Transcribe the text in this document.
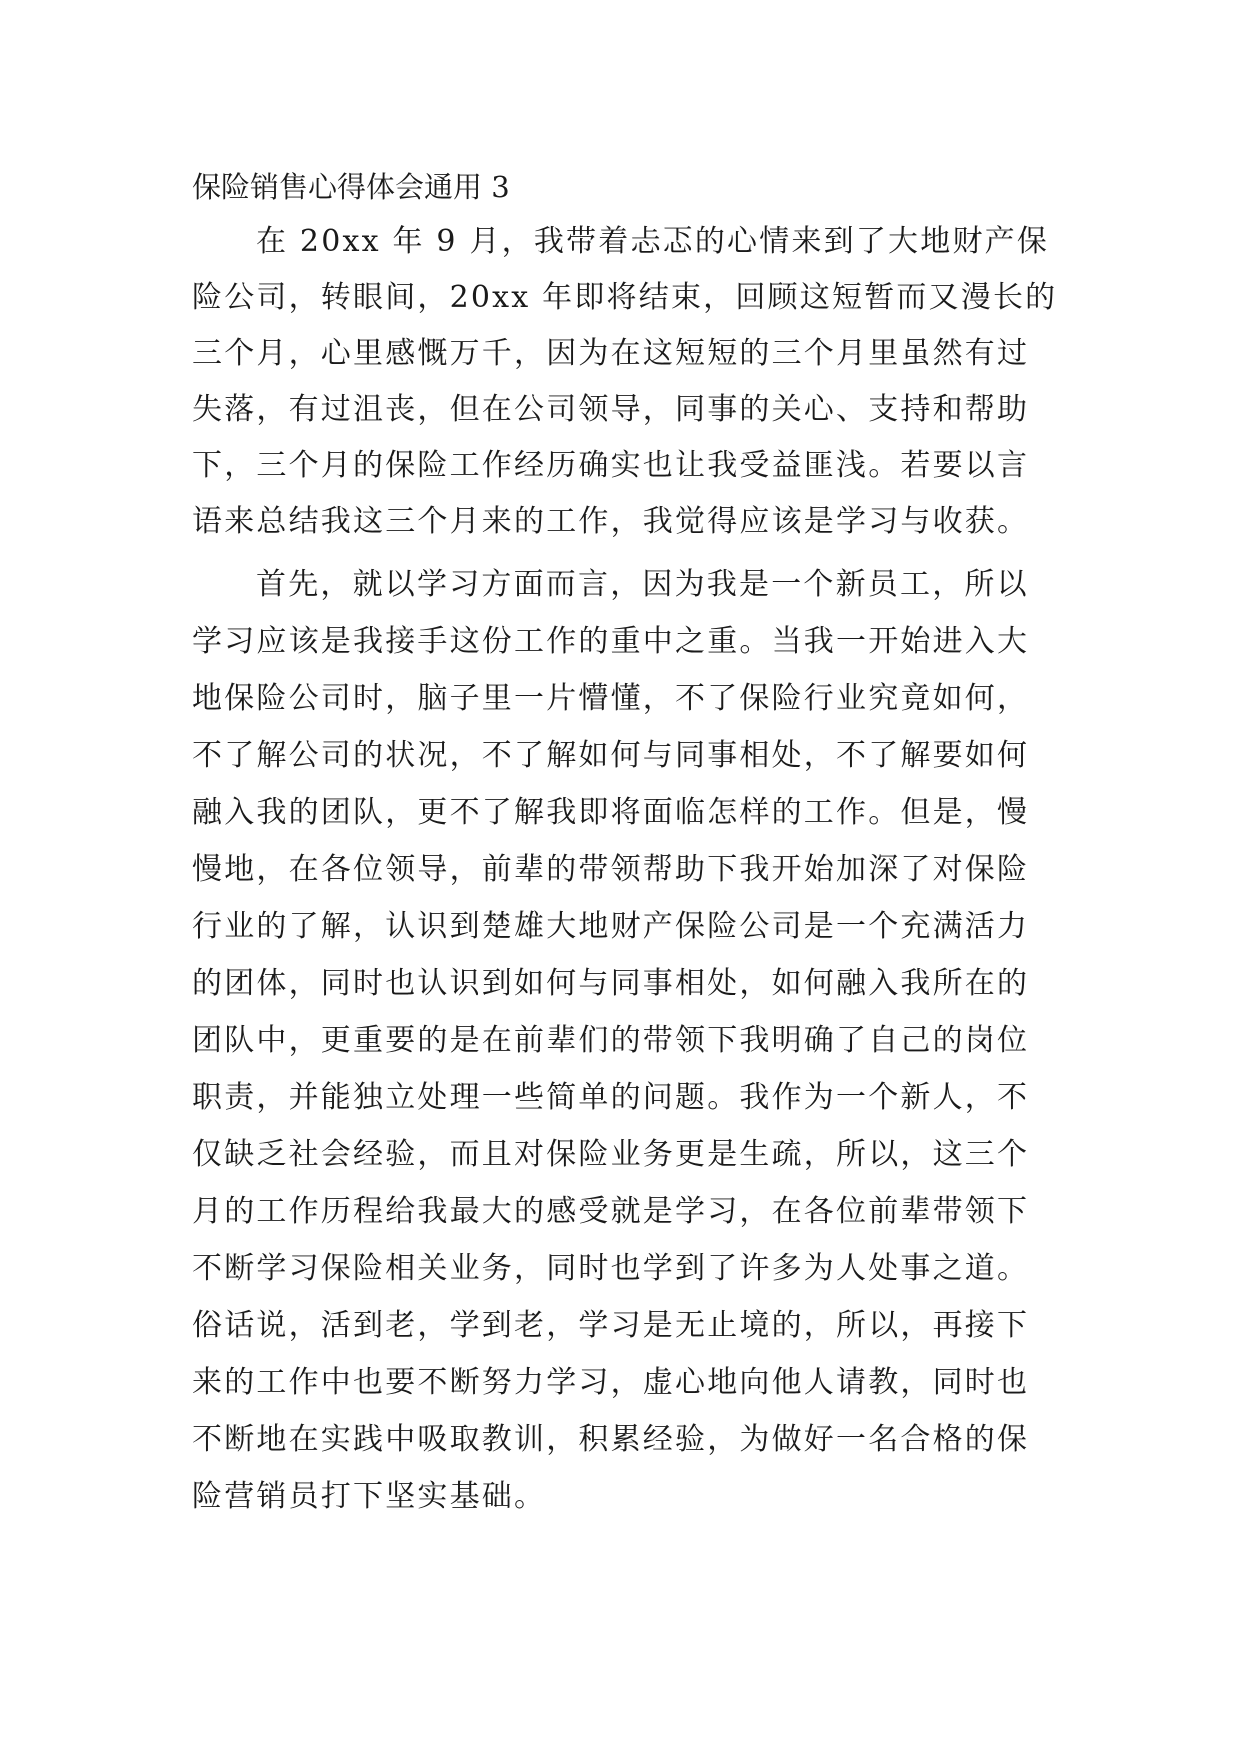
保险销售心得体会通用 3

在 20xx 年 9 月，我带着忐忑的心情来到了大地财产保

险公司，转眼间，20xx 年即将结束，回顾这短暂而又漫长的

三个月，心里感慨万千，因为在这短短的三个月里虽然有过

失落，有过沮丧，但在公司领导，同事的关心、支持和帮助

下，三个月的保险工作经历确实也让我受益匪浅。若要以言

语来总结我这三个月来的工作，我觉得应该是学习与收获。

首先，就以学习方面而言，因为我是一个新员工，所以

学习应该是我接手这份工作的重中之重。当我一开始进入大

地保险公司时，脑子里一片懵懂，不了保险行业究竟如何，

不了解公司的状况，不了解如何与同事相处，不了解要如何

融入我的团队，更不了解我即将面临怎样的工作。但是，慢

慢地，在各位领导，前辈的带领帮助下我开始加深了对保险

行业的了解，认识到楚雄大地财产保险公司是一个充满活力

的团体，同时也认识到如何与同事相处，如何融入我所在的

团队中，更重要的是在前辈们的带领下我明确了自己的岗位

职责，并能独立处理一些简单的问题。我作为一个新人，不

仅缺乏社会经验，而且对保险业务更是生疏，所以，这三个

月的工作历程给我最大的感受就是学习，在各位前辈带领下

不断学习保险相关业务，同时也学到了许多为人处事之道。

俗话说，活到老，学到老，学习是无止境的，所以，再接下

来的工作中也要不断努力学习，虚心地向他人请教，同时也

不断地在实践中吸取教训，积累经验，为做好一名合格的保

险营销员打下坚实基础。
